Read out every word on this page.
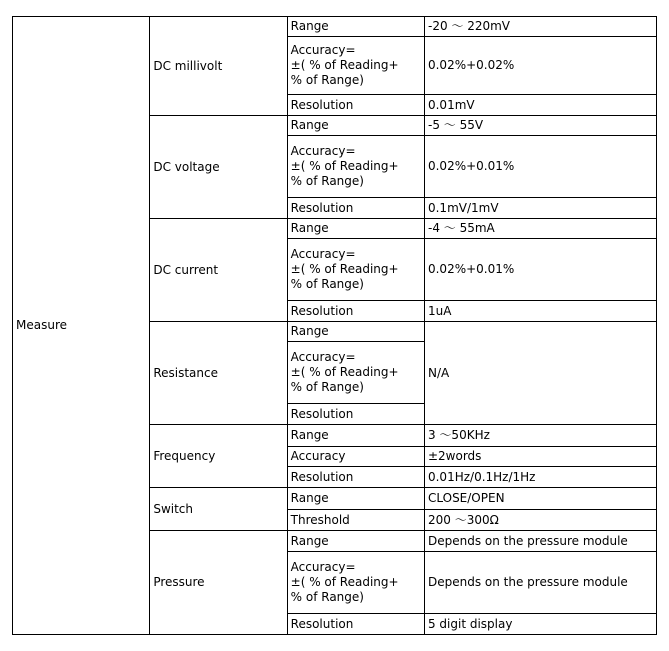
Measure	DC millivolt	Range	-20 ～ 220mV
		Accuracy=
±( % of Reading+
% of Range)	0.02%+0.02%
		Resolution	0.01mV
	DC voltage	Range	-5 ～ 55V
		Accuracy=
±( % of Reading+
% of Range)	0.02%+0.01%
		Resolution	0.1mV/1mV
	DC current	Range	-4 ～ 55mA
		Accuracy=
±( % of Reading+
% of Range)	0.02%+0.01%
		Resolution	1uA
	Resistance	Range	N/A
		Accuracy=
±( % of Reading+
% of Range)	
		Resolution	
	Frequency	Range	3 ～50KHz
		Accuracy	±2words
		Resolution	0.01Hz/0.1Hz/1Hz
	Switch	Range	CLOSE/OPEN
		Threshold	200 ～300Ω
	Pressure	Range	Depends on the pressure module
		Accuracy=
±( % of Reading+
% of Range)	Depends on the pressure module
		Resolution	5 digit display
